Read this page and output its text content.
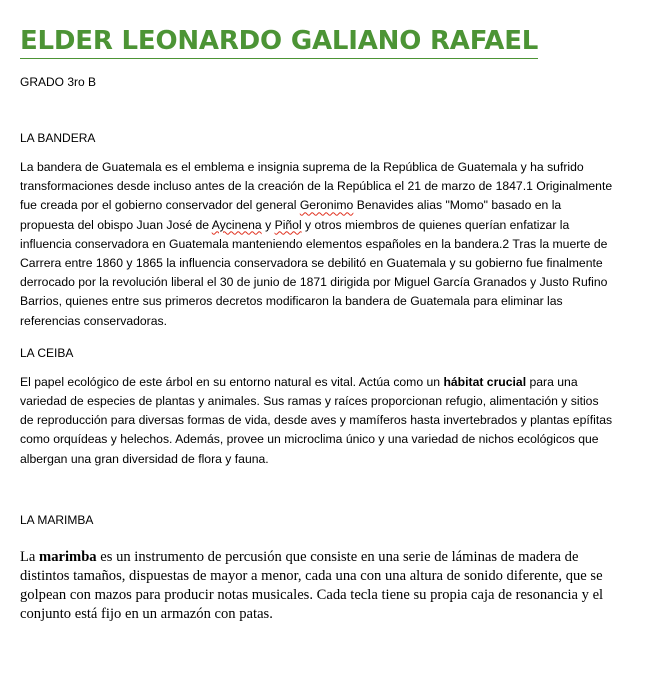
ELDER LEONARDO GALIANO RAFAEL
GRADO 3ro B
LA BANDERA

La bandera de Guatemala es el emblema e insignia suprema de la República de Guatemala y ha sufrido transformaciones desde incluso antes de la creación de la República el 21 de marzo de 1847.1 Originalmente fue creada por el gobierno conservador del general Geronimo Benavides alias "Momo" basado en la propuesta del obispo Juan José de Aycinena y Piñol y otros miembros de quienes querían enfatizar la influencia conservadora en Guatemala manteniendo elementos españoles en la bandera.2 Tras la muerte de Carrera entre 1860 y 1865 la influencia conservadora se debilitó en Guatemala y su gobierno fue finalmente derrocado por la revolución liberal el 30 de junio de 1871 dirigida por Miguel García Granados y Justo Rufino Barrios, quienes entre sus primeros decretos modificaron la bandera de Guatemala para eliminar las referencias conservadoras.

LA CEIBA

El papel ecológico de este árbol en su entorno natural es vital. Actúa como un hábitat crucial para una variedad de especies de plantas y animales. Sus ramas y raíces proporcionan refugio, alimentación y sitios de reproducción para diversas formas de vida, desde aves y mamíferos hasta invertebrados y plantas epífitas como orquídeas y helechos. Además, provee un microclima único y una variedad de nichos ecológicos que albergan una gran diversidad de flora y fauna.

LA MARIMBA

La marimba es un instrumento de percusión que consiste en una serie de láminas de madera de distintos tamaños, dispuestas de mayor a menor, cada una con una altura de sonido diferente, que se golpean con mazos para producir notas musicales. Cada tecla tiene su propia caja de resonancia y el conjunto está fijo en un armazón con patas.
